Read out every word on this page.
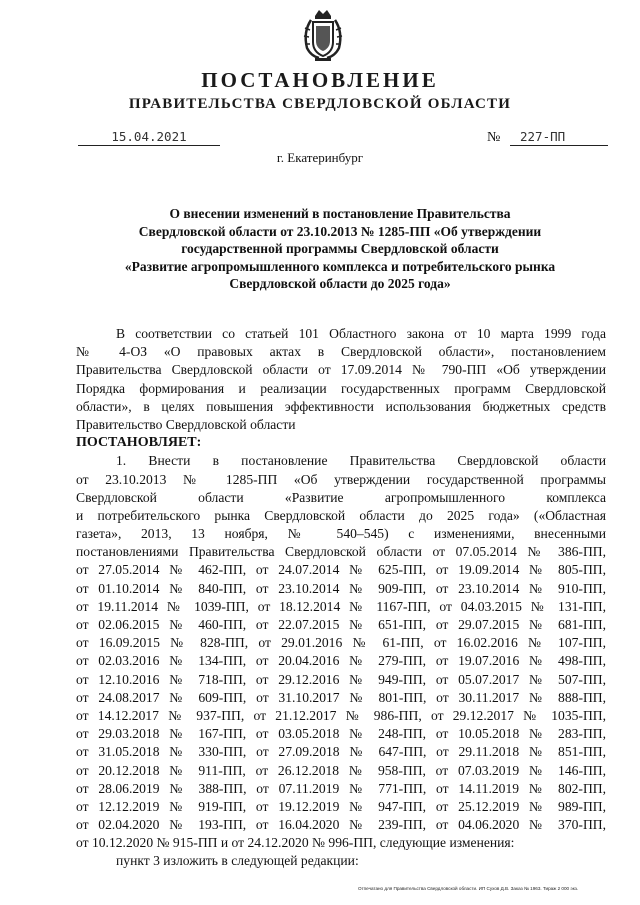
ПОСТАНОВЛЕНИЕ
ПРАВИТЕЛЬСТВА СВЕРДЛОВСКОЙ ОБЛАСТИ
15.04.2021	№	227-ПП
г. Екатеринбург
О внесении изменений в постановление Правительства
Свердловской области от 23.10.2013 № 1285-ПП «Об утверждении
государственной программы Свердловской области
«Развитие агропромышленного комплекса и потребительского рынка
Свердловской области до 2025 года»
В соответствии со статьей 101 Областного закона от 10 марта 1999 года
№ 4-ОЗ «О правовых актах в Свердловской области», постановлением
Правительства Свердловской области от 17.09.2014 № 790-ПП «Об утверждении
Порядка формирования и реализации государственных программ Свердловской
области», в целях повышения эффективности использования бюджетных средств
Правительство Свердловской области
ПОСТАНОВЛЯЕТ:
1. Внести в постановление Правительства Свердловской области
от 23.10.2013 № 1285-ПП «Об утверждении государственной программы
Свердловской области «Развитие агропромышленного комплекса
и потребительского рынка Свердловской области до 2025 года» («Областная
газета», 2013, 13 ноября, № 540–545) с изменениями, внесенными
постановлениями Правительства Свердловской области от 07.05.2014 № 386-ПП,
от 27.05.2014 № 462-ПП, от 24.07.2014 № 625-ПП, от 19.09.2014 № 805-ПП,
от 01.10.2014 № 840-ПП, от 23.10.2014 № 909-ПП, от 23.10.2014 № 910-ПП,
от 19.11.2014 № 1039-ПП, от 18.12.2014 № 1167-ПП, от 04.03.2015 № 131-ПП,
от 02.06.2015 № 460-ПП, от 22.07.2015 № 651-ПП, от 29.07.2015 № 681-ПП,
от 16.09.2015 № 828-ПП, от 29.01.2016 № 61-ПП, от 16.02.2016 № 107-ПП,
от 02.03.2016 № 134-ПП, от 20.04.2016 № 279-ПП, от 19.07.2016 № 498-ПП,
от 12.10.2016 № 718-ПП, от 29.12.2016 № 949-ПП, от 05.07.2017 № 507-ПП,
от 24.08.2017 № 609-ПП, от 31.10.2017 № 801-ПП, от 30.11.2017 № 888-ПП,
от 14.12.2017 № 937-ПП, от 21.12.2017 № 986-ПП, от 29.12.2017 № 1035-ПП,
от 29.03.2018 № 167-ПП, от 03.05.2018 № 248-ПП, от 10.05.2018 № 283-ПП,
от 31.05.2018 № 330-ПП, от 27.09.2018 № 647-ПП, от 29.11.2018 № 851-ПП,
от 20.12.2018 № 911-ПП, от 26.12.2018 № 958-ПП, от 07.03.2019 № 146-ПП,
от 28.06.2019 № 388-ПП, от 07.11.2019 № 771-ПП, от 14.11.2019 № 802-ПП,
от 12.12.2019 № 919-ПП, от 19.12.2019 № 947-ПП, от 25.12.2019 № 989-ПП,
от 02.04.2020 № 193-ПП, от 16.04.2020 № 239-ПП, от 04.06.2020 № 370-ПП,
от 10.12.2020 № 915-ПП и от 24.12.2020 № 996-ПП, следующие изменения:
пункт 3 изложить в следующей редакции:
Отпечатано для Правительства Свердловской области. ИП Сухов Д.В. Заказ № 1963. Тираж 2 000 экз.
